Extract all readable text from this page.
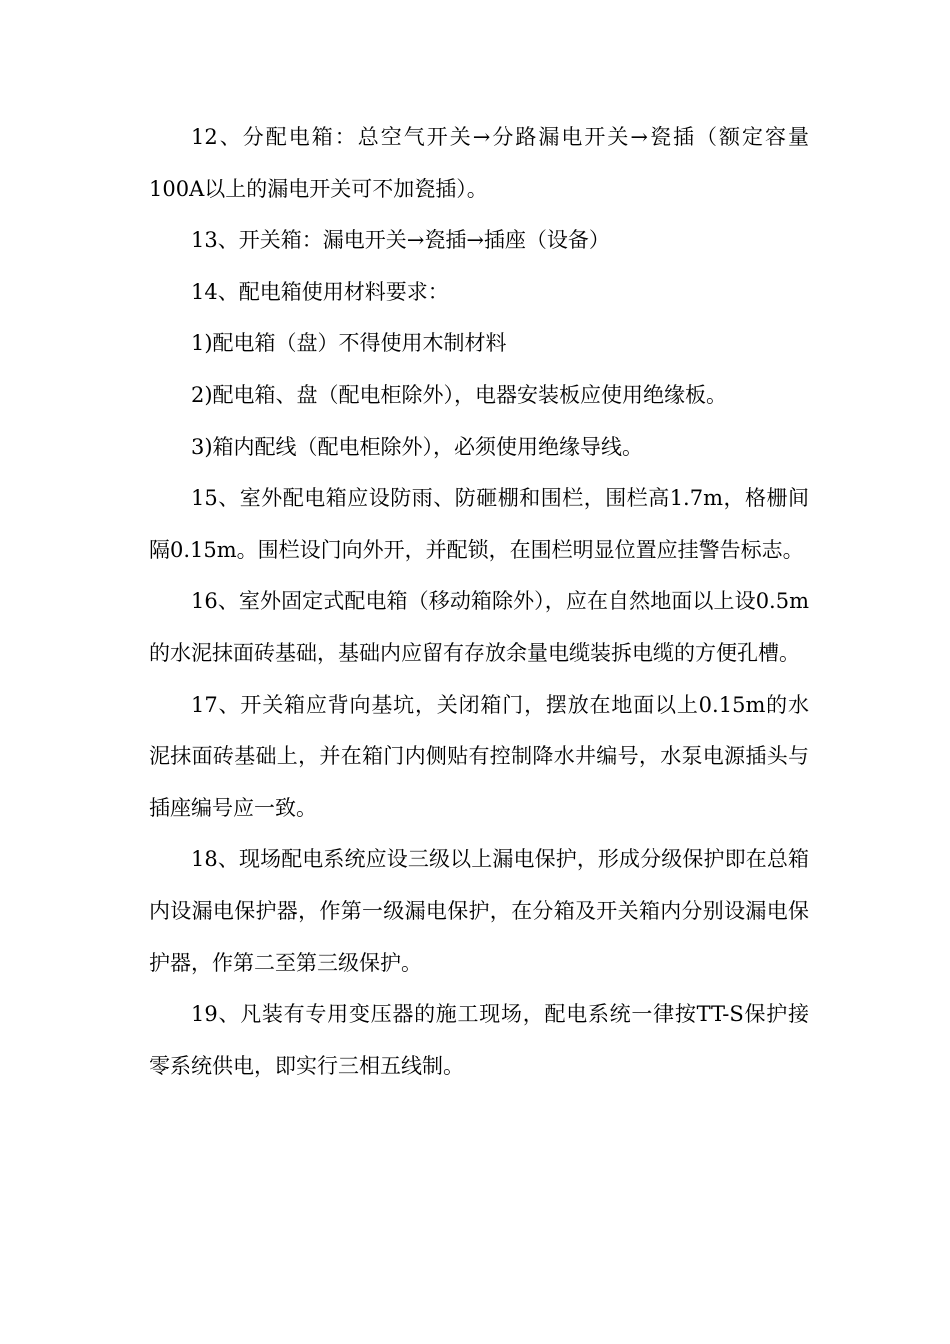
12、分配电箱：总空气开关→分路漏电开关→瓷插（额定容量100A以上的漏电开关可不加瓷插）。

13、开关箱：漏电开关→瓷插→插座（设备）

14、配电箱使用材料要求：

1)配电箱（盘）不得使用木制材料

2)配电箱、盘（配电柜除外），电器安装板应使用绝缘板。

3)箱内配线（配电柜除外），必须使用绝缘导线。

15、室外配电箱应设防雨、防砸棚和围栏，围栏高1.7m，格栅间隔0.15m。围栏设门向外开，并配锁，在围栏明显位置应挂警告标志。

16、室外固定式配电箱（移动箱除外），应在自然地面以上设0.5m的水泥抹面砖基础，基础内应留有存放余量电缆装拆电缆的方便孔槽。

17、开关箱应背向基坑，关闭箱门，摆放在地面以上0.15m的水泥抹面砖基础上，并在箱门内侧贴有控制降水井编号，水泵电源插头与插座编号应一致。

18、现场配电系统应设三级以上漏电保护，形成分级保护即在总箱内设漏电保护器，作第一级漏电保护，在分箱及开关箱内分别设漏电保护器，作第二至第三级保护。

19、凡装有专用变压器的施工现场，配电系统一律按TT-S保护接零系统供电，即实行三相五线制。
